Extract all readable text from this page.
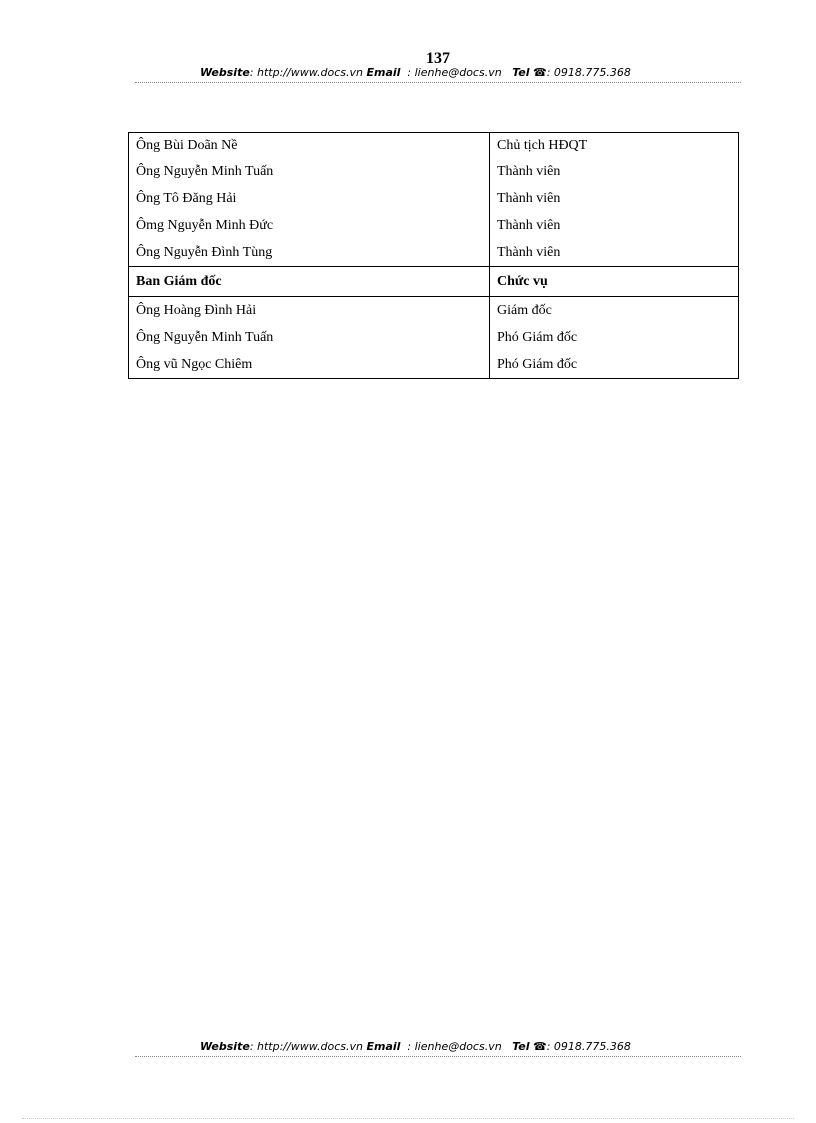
137
Website: http://www.docs.vn Email : lienhe@docs.vn Tel ☎: 0918.775.368
Ông Bùi Doãn Nề	Chủ tịch HĐQT
Ông Nguyễn Minh Tuấn	Thành viên
Ông Tô Đăng Hải	Thành viên
Ômg Nguyễn Minh Đức	Thành viên
Ông Nguyễn Đình Tùng	Thành viên
Ban Giám đốc	Chức vụ
Ông Hoàng Đình Hải	Giám đốc
Ông Nguyễn Minh Tuấn	Phó Giám đốc
Ông vũ Ngọc Chiêm	Phó Giám đốc
Website: http://www.docs.vn Email : lienhe@docs.vn Tel ☎: 0918.775.368
